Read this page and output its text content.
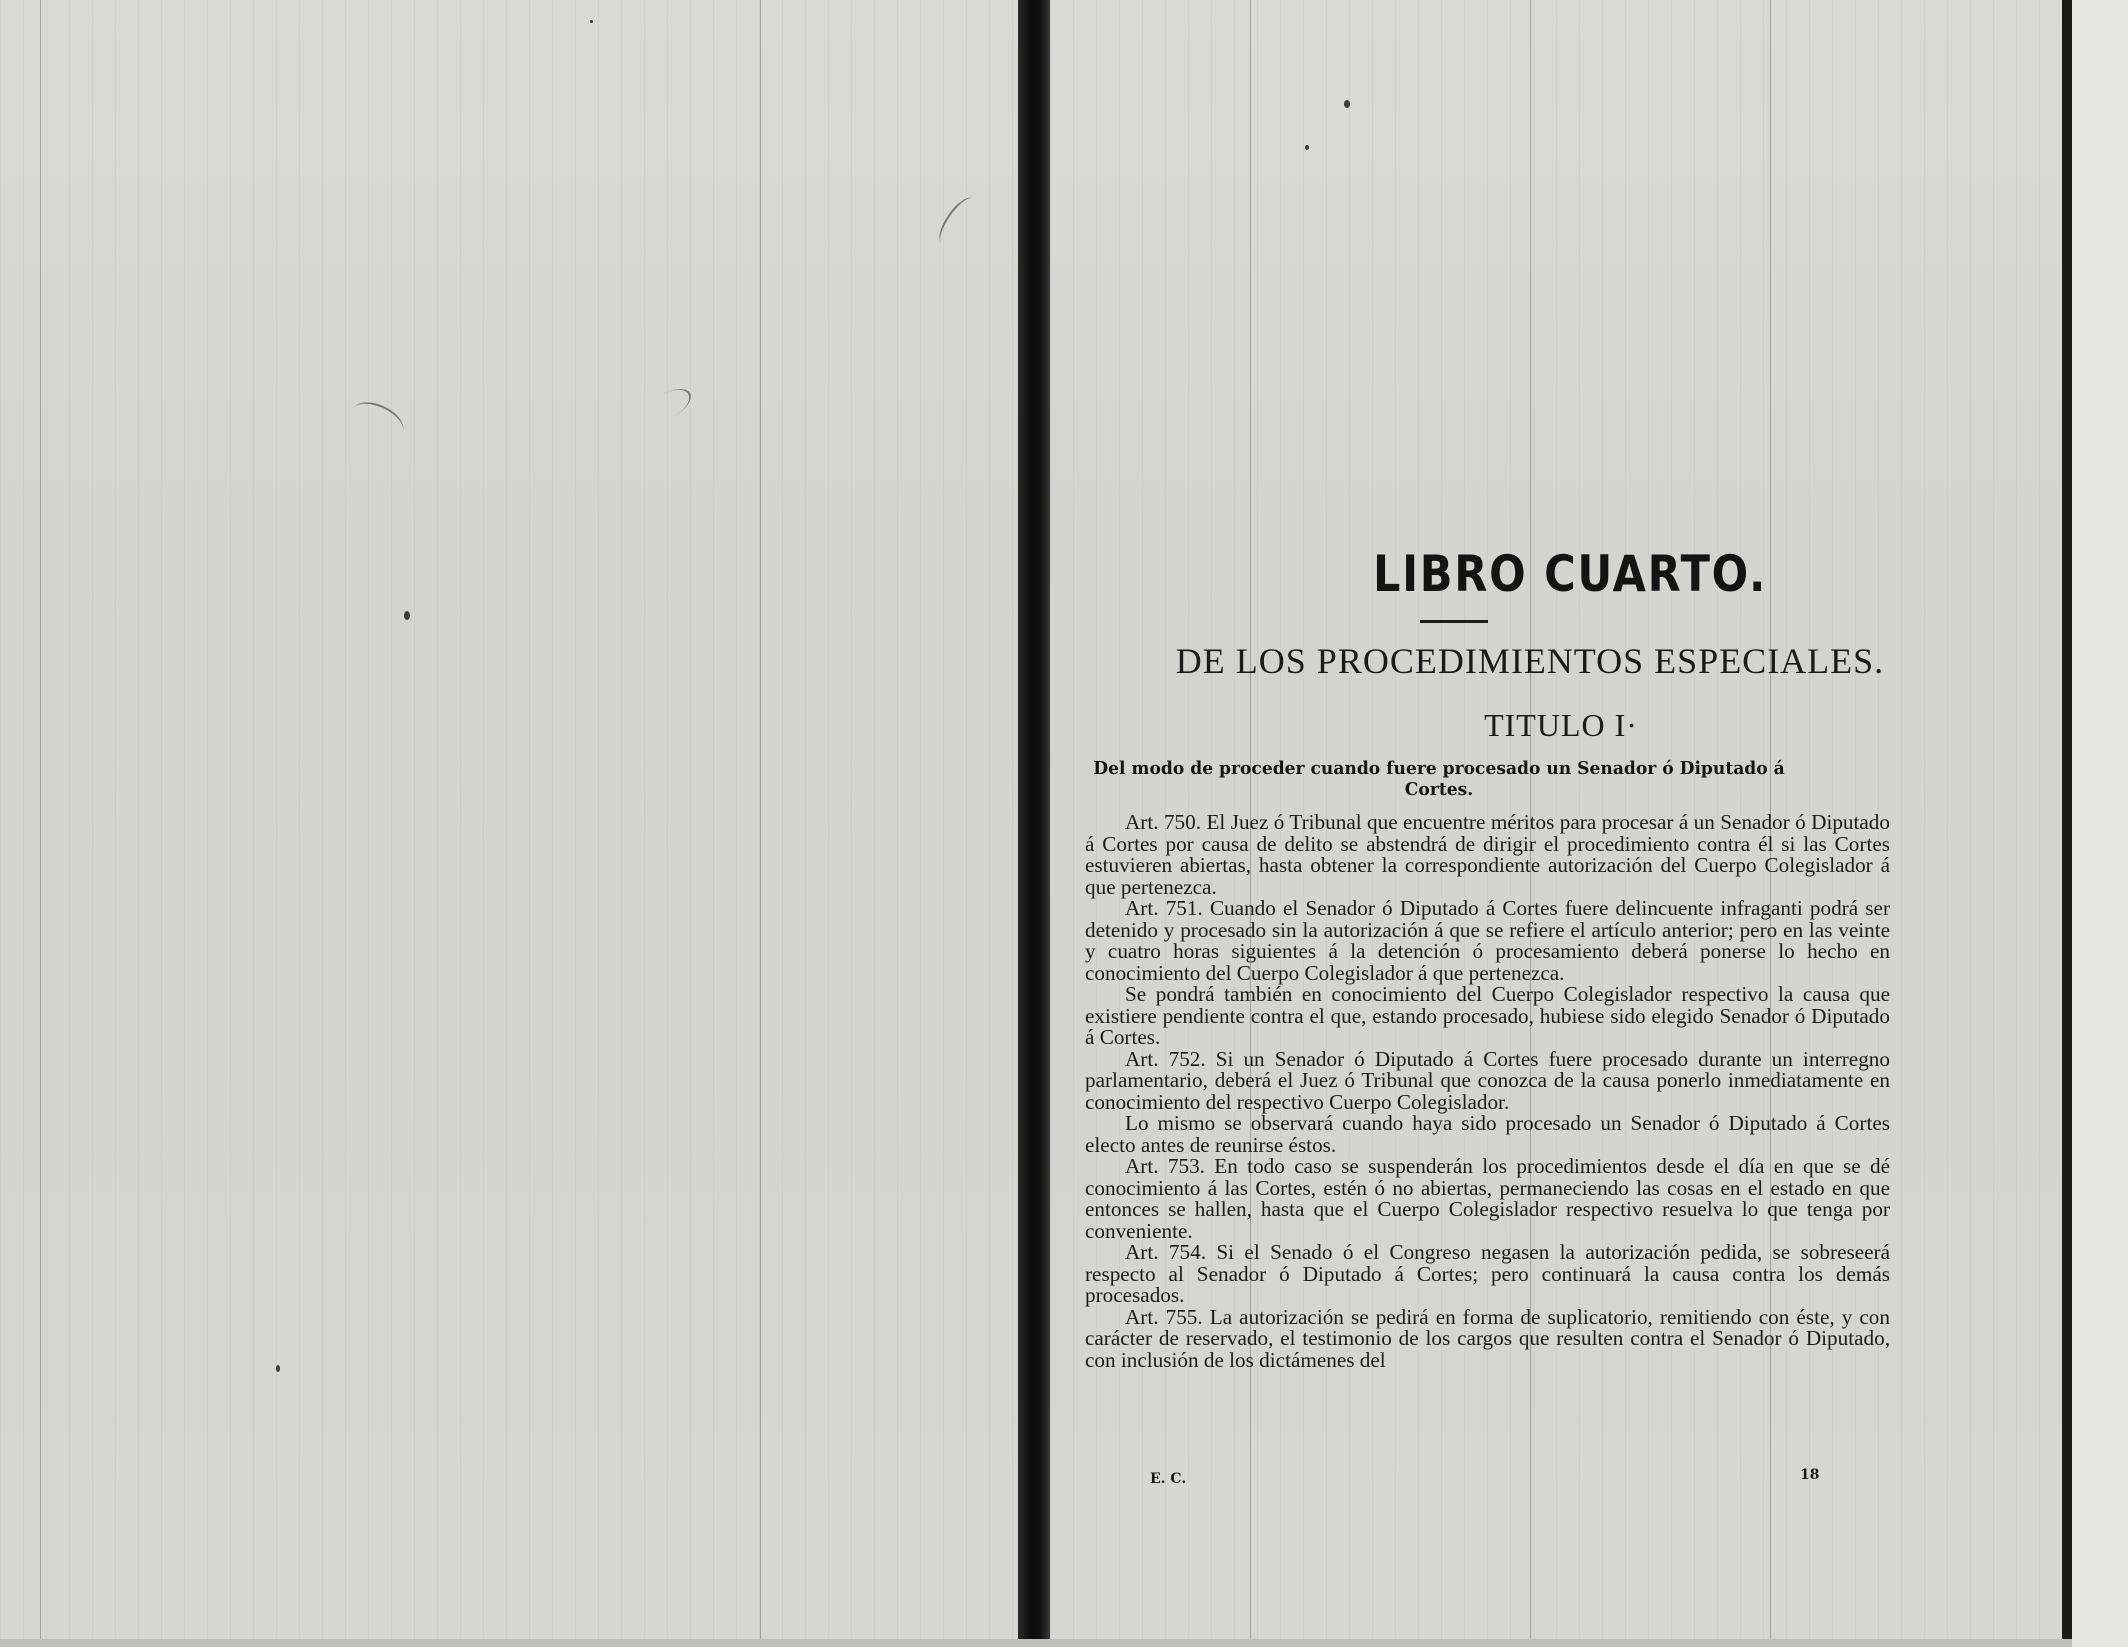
LIBRO CUARTO.
DE LOS PROCEDIMIENTOS ESPECIALES.
TITULO I·
Del modo de proceder cuando fuere procesado un Senador ó Diputado á Cortes.

Art. 750. El Juez ó Tribunal que encuentre méritos para procesar á un Senador ó Diputado á Cortes por causa de delito se abstendrá de dirigir el procedimiento contra él si las Cortes estuvieren abiertas, hasta obtener la correspondiente autorización del Cuerpo Colegislador á que pertenezca.

Art. 751. Cuando el Senador ó Diputado á Cortes fuere delincuente infraganti podrá ser detenido y procesado sin la autorización á que se refiere el artículo anterior; pero en las veinte y cuatro horas siguientes á la detención ó procesamiento deberá ponerse lo hecho en conocimiento del Cuerpo Colegislador á que pertenezca.

Se pondrá también en conocimiento del Cuerpo Colegislador respectivo la causa que existiere pendiente contra el que, estando procesado, hubiese sido elegido Senador ó Diputado á Cortes.

Art. 752. Si un Senador ó Diputado á Cortes fuere procesado durante un interregno parlamentario, deberá el Juez ó Tribunal que conozca de la causa ponerlo inmediatamente en conocimiento del respectivo Cuerpo Colegislador.

Lo mismo se observará cuando haya sido procesado un Senador ó Diputado á Cortes electo antes de reunirse éstos.

Art. 753. En todo caso se suspenderán los procedimientos desde el día en que se dé conocimiento á las Cortes, estén ó no abiertas, permaneciendo las cosas en el estado en que entonces se hallen, hasta que el Cuerpo Colegislador respectivo resuelva lo que tenga por conveniente.

Art. 754. Si el Senado ó el Congreso negasen la autorización pedida, se sobreseerá respecto al Senador ó Diputado á Cortes; pero continuará la causa contra los demás procesados.

Art. 755. La autorización se pedirá en forma de suplicatorio, remitiendo con éste, y con carácter de reservado, el testimonio de los cargos que resulten contra el Senador ó Diputado, con inclusión de los dictámenes del

E. C.	18
